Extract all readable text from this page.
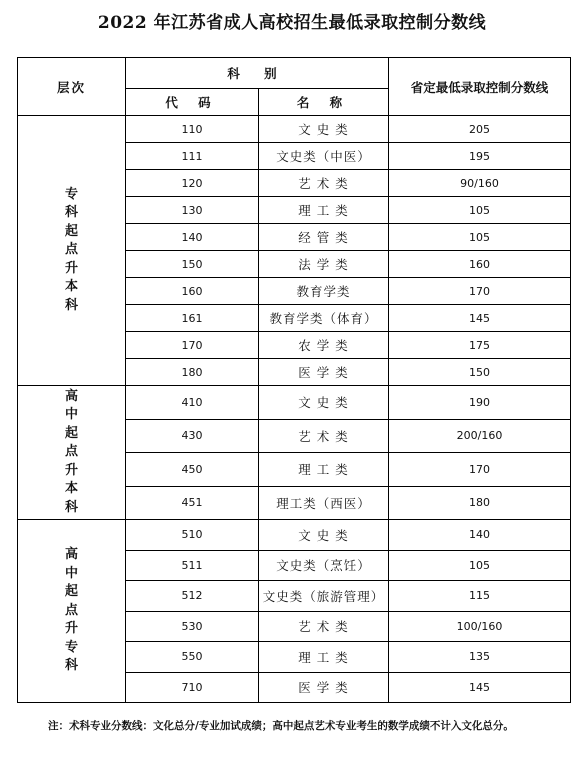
2022 年江苏省成人高校招生最低录取控制分数线
层次	科 别		省定最低录取控制分数线
	代 码	名 称	
专科起点升本科	110	文 史 类	205
	111	文史类（中医）	195
	120	艺 术 类	90/160
	130	理 工 类	105
	140	经 管 类	105
	150	法 学 类	160
	160	教育学类	170
	161	教育学类（体育）	145
	170	农 学 类	175
	180	医 学 类	150
高中起点升本科	410	文 史 类	190
	430	艺 术 类	200/160
	450	理 工 类	170
	451	理工类（西医）	180
高中起点升专科	510	文 史 类	140
	511	文史类（烹饪）	105
	512	文史类（旅游管理）	115
	530	艺 术 类	100/160
	550	理 工 类	135
	710	医 学 类	145
注：术科专业分数线：文化总分/专业加试成绩；高中起点艺术专业考生的数学成绩不计入文化总分。
